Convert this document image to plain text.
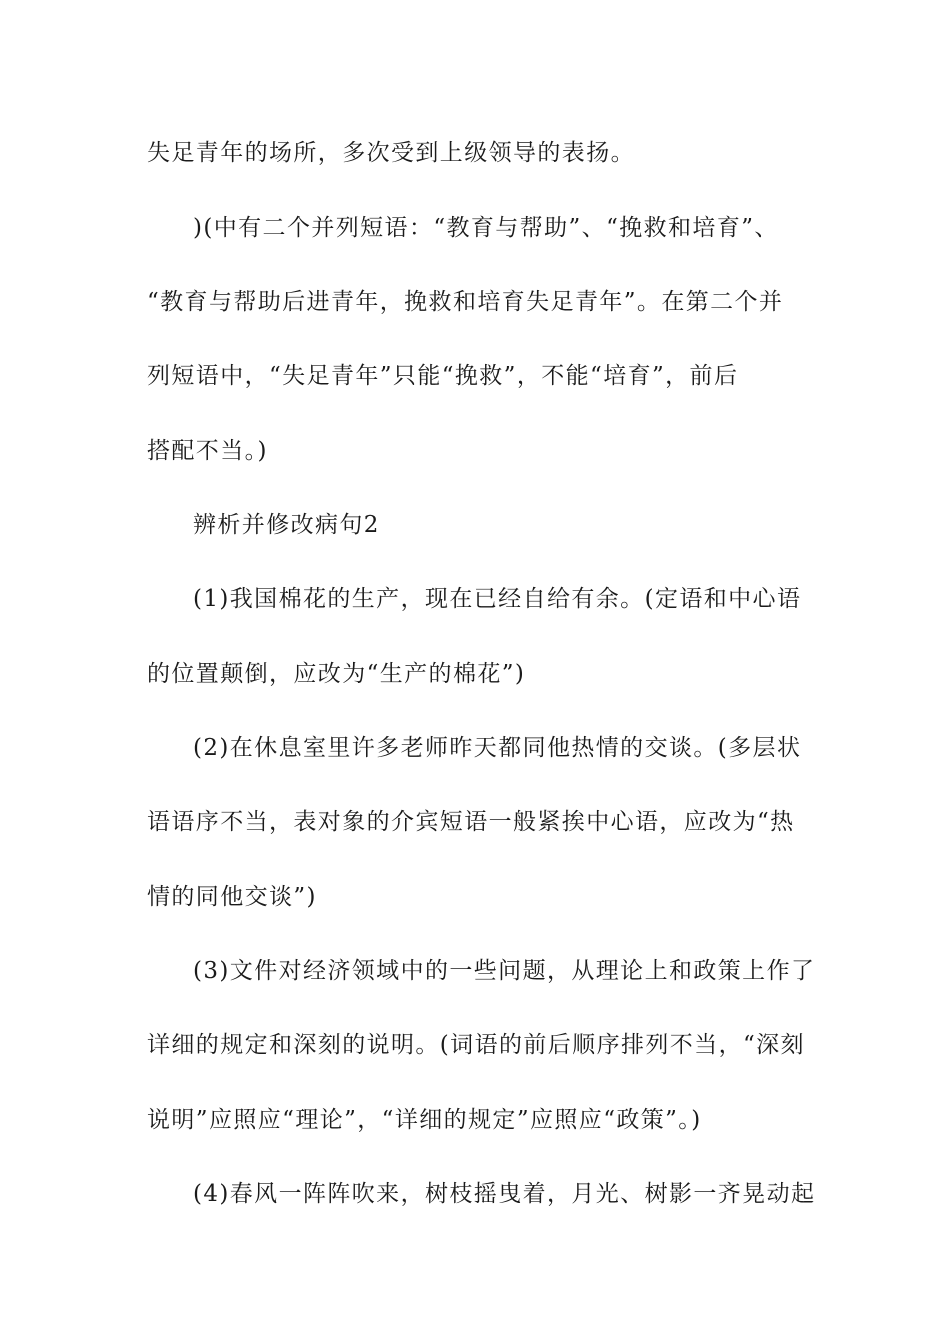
失足青年的场所，多次受到上级领导的表扬。

)(中有二个并列短语：“教育与帮助”、“挽救和培育”、

“教育与帮助后进青年，挽救和培育失足青年”。在第二个并

列短语中，“失足青年”只能“挽救”，不能“培育”，前后

搭配不当。)

辨析并修改病句2

(1)我国棉花的生产，现在已经自给有余。(定语和中心语

的位置颠倒，应改为“生产的棉花”)

(2)在休息室里许多老师昨天都同他热情的交谈。(多层状

语语序不当，表对象的介宾短语一般紧挨中心语，应改为“热

情的同他交谈”)

(3)文件对经济领域中的一些问题，从理论上和政策上作了

详细的规定和深刻的说明。(词语的前后顺序排列不当，“深刻

说明”应照应“理论”，“详细的规定”应照应“政策”。)

(4)春风一阵阵吹来，树枝摇曳着，月光、树影一齐晃动起
